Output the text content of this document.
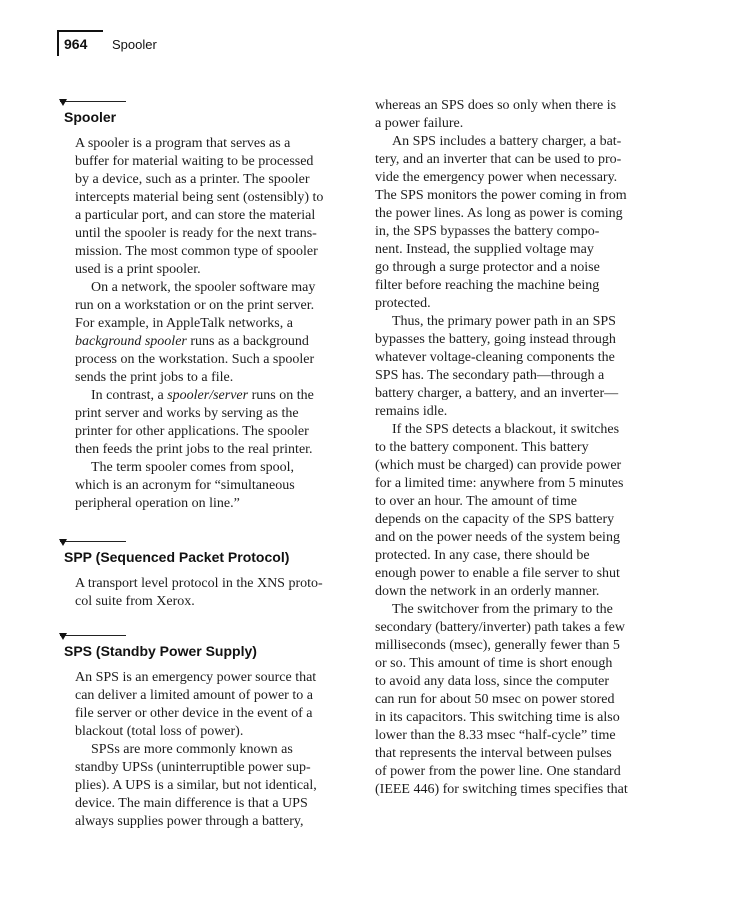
964 Spooler
Spooler

A spooler is a program that serves as a
buffer for material waiting to be processed
by a device, such as a printer. The spooler
intercepts material being sent (ostensibly) to
a particular port, and can store the material
until the spooler is ready for the next trans-
mission. The most common type of spooler
used is a print spooler.

On a network, the spooler software may
run on a workstation or on the print server.
For example, in AppleTalk networks, a
background spooler runs as a background
process on the workstation. Such a spooler
sends the print jobs to a file.

In contrast, a spooler/server runs on the
print server and works by serving as the
printer for other applications. The spooler
then feeds the print jobs to the real printer.

The term spooler comes from spool,
which is an acronym for “simultaneous
peripheral operation on line.”

SPP (Sequenced Packet Protocol)

A transport level protocol in the XNS proto-
col suite from Xerox.

SPS (Standby Power Supply)

An SPS is an emergency power source that
can deliver a limited amount of power to a
file server or other device in the event of a
blackout (total loss of power).

SPSs are more commonly known as
standby UPSs (uninterruptible power sup-
plies). A UPS is a similar, but not identical,
device. The main difference is that a UPS
always supplies power through a battery,

whereas an SPS does so only when there is
a power failure.

An SPS includes a battery charger, a bat-
tery, and an inverter that can be used to pro-
vide the emergency power when necessary.
The SPS monitors the power coming in from
the power lines. As long as power is coming
in, the SPS bypasses the battery compo-
nent. Instead, the supplied voltage may
go through a surge protector and a noise
filter before reaching the machine being
protected.

Thus, the primary power path in an SPS
bypasses the battery, going instead through
whatever voltage-cleaning components the
SPS has. The secondary path—through a
battery charger, a battery, and an inverter—
remains idle.

If the SPS detects a blackout, it switches
to the battery component. This battery
(which must be charged) can provide power
for a limited time: anywhere from 5 minutes
to over an hour. The amount of time
depends on the capacity of the SPS battery
and on the power needs of the system being
protected. In any case, there should be
enough power to enable a file server to shut
down the network in an orderly manner.

The switchover from the primary to the
secondary (battery/inverter) path takes a few
milliseconds (msec), generally fewer than 5
or so. This amount of time is short enough
to avoid any data loss, since the computer
can run for about 50 msec on power stored
in its capacitors. This switching time is also
lower than the 8.33 msec “half-cycle” time
that represents the interval between pulses
of power from the power line. One standard
(IEEE 446) for switching times specifies that
